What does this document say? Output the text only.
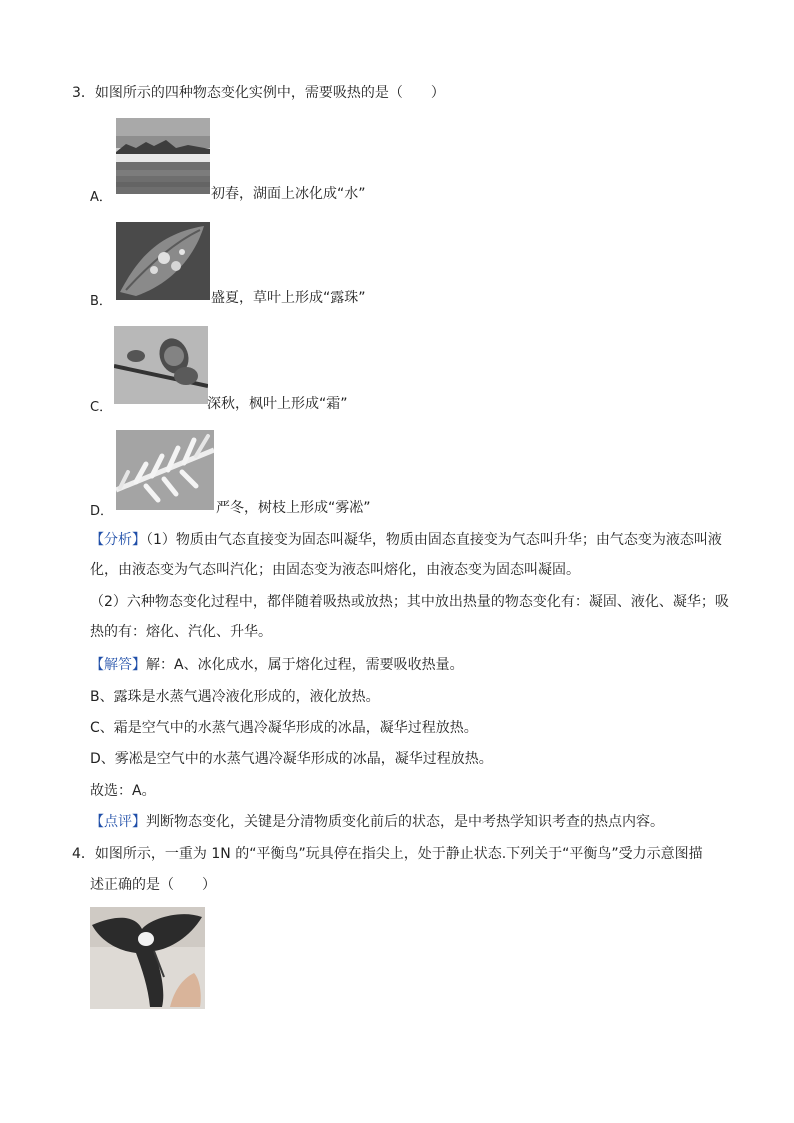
3．如图所示的四种物态变化实例中，需要吸热的是（　　）
A．	初春，湖面上冰化成“水”
B．	盛夏，草叶上形成“露珠”
C．	深秋，枫叶上形成“霜”
D．	严冬，树枝上形成“雾凇”
【分析】（1）物质由气态直接变为固态叫凝华，物质由固态直接变为气态叫升华；由气态变为液态叫液化，由液态变为气态叫汽化；由固态变为液态叫熔化，由液态变为固态叫凝固。
（2）六种物态变化过程中，都伴随着吸热或放热；其中放出热量的物态变化有：凝固、液化、凝华；吸热的有：熔化、汽化、升华。
【解答】解：A、冰化成水，属于熔化过程，需要吸收热量。
B、露珠是水蒸气遇冷液化形成的，液化放热。
C、霜是空气中的水蒸气遇冷凝华形成的冰晶，凝华过程放热。
D、雾凇是空气中的水蒸气遇冷凝华形成的冰晶，凝华过程放热。
故选：A。
【点评】判断物态变化，关键是分清物质变化前后的状态，是中考热学知识考查的热点内容。
4．如图所示，一重为 1N 的“平衡鸟”玩具停在指尖上，处于静止状态.下列关于“平衡鸟”受力示意图描
述正确的是（　　）
